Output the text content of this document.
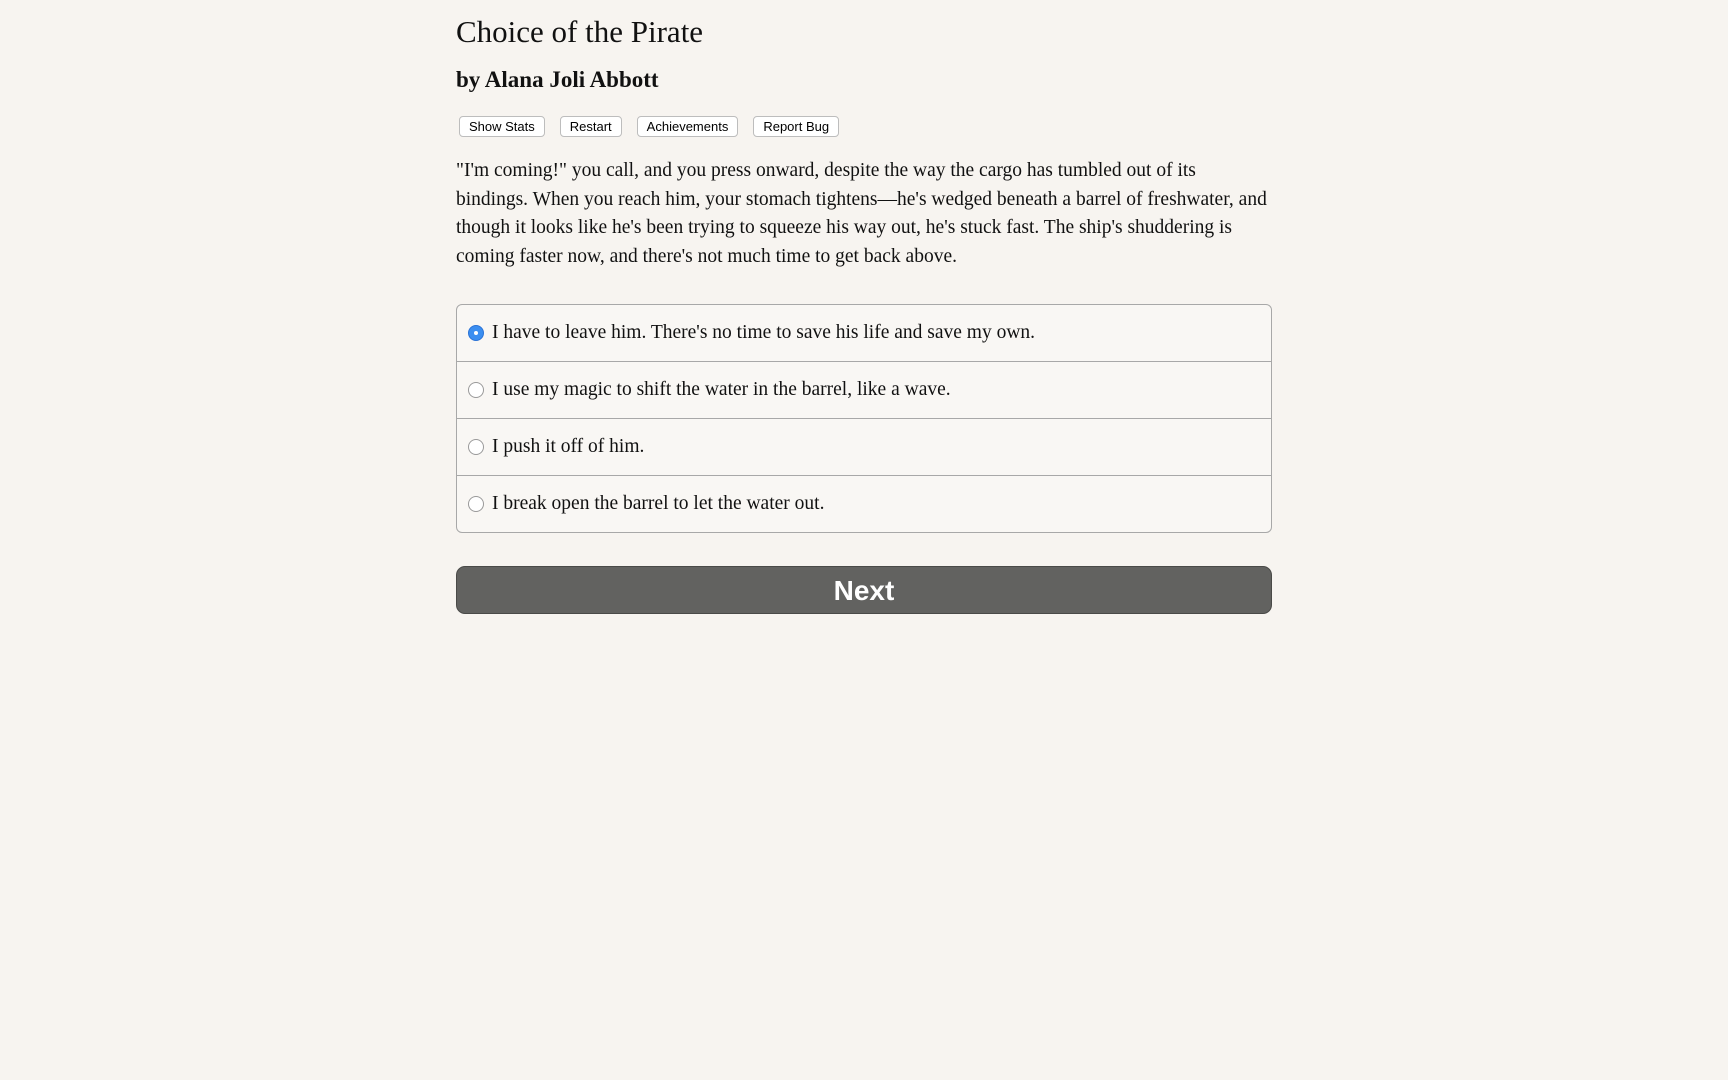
Choice of the Pirate
by Alana Joli Abbott
Show Stats	Restart	Achievements	Report Bug

"I'm coming!" you call, and you press onward, despite the way the cargo has tumbled out of its bindings. When you reach him, your stomach tightens—he's wedged beneath a barrel of freshwater, and though it looks like he's been trying to squeeze his way out, he's stuck fast. The ship's shuddering is coming faster now, and there's not much time to get back above.

I have to leave him. There's no time to save his life and save my own.
I use my magic to shift the water in the barrel, like a wave.
I push it off of him.
I break open the barrel to let the water out.
Next
